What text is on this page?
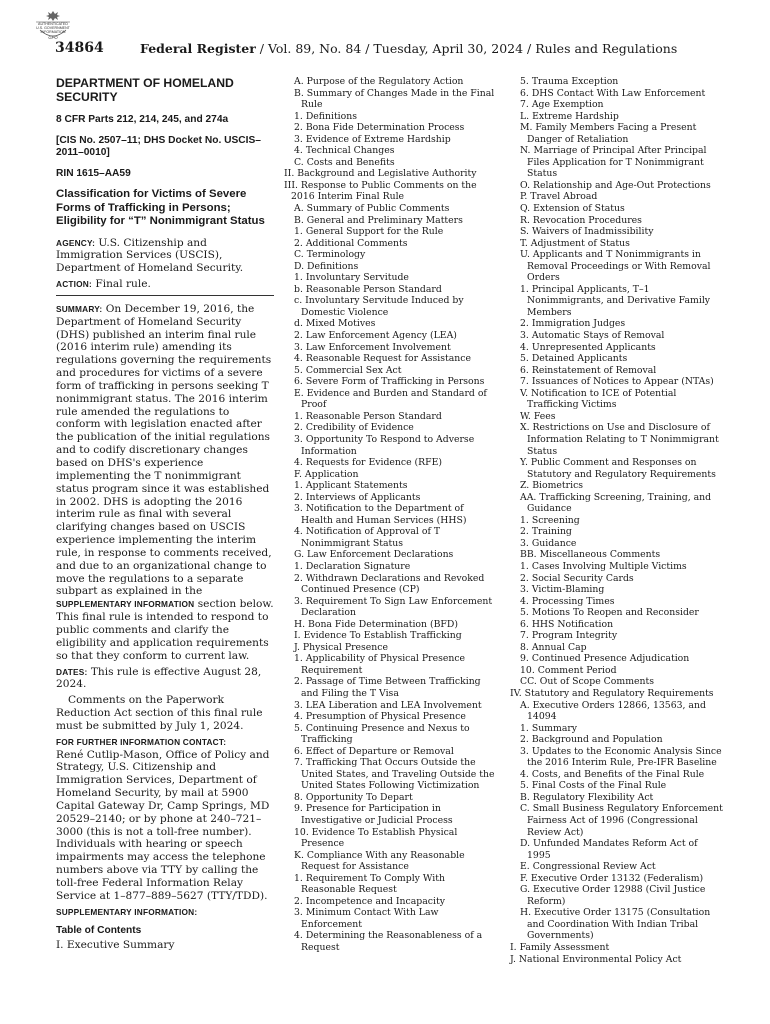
AUTHENTICATED
U.S. GOVERNMENT
INFORMATION
GPO
34864	Federal Register / Vol. 89, No. 84 / Tuesday, April 30, 2024 / Rules and Regulations
DEPARTMENT OF HOMELAND SECURITY
8 CFR Parts 212, 214, 245, and 274a
[CIS No. 2507–11; DHS Docket No. USCIS– 2011–0010]
RIN 1615–AA59
Classification for Victims of Severe Forms of Trafficking in Persons; Eligibility for “T” Nonimmigrant Status

AGENCY: U.S. Citizenship and Immigration Services (USCIS), Department of Homeland Security.

ACTION: Final rule.

SUMMARY: On December 19, 2016, the Department of Homeland Security (DHS) published an interim final rule (2016 interim rule) amending its regulations governing the requirements and procedures for victims of a severe form of trafficking in persons seeking T nonimmigrant status. The 2016 interim rule amended the regulations to conform with legislation enacted after the publication of the initial regulations and to codify discretionary changes based on DHS's experience implementing the T nonimmigrant status program since it was established in 2002. DHS is adopting the 2016 interim rule as final with several clarifying changes based on USCIS experience implementing the interim rule, in response to comments received, and due to an organizational change to move the regulations to a separate subpart as explained in the SUPPLEMENTARY INFORMATION section below. This final rule is intended to respond to public comments and clarify the eligibility and application requirements so that they conform to current law.

DATES: This rule is effective August 28, 2024.

Comments on the Paperwork Reduction Act section of this final rule must be submitted by July 1, 2024.

FOR FURTHER INFORMATION CONTACT:
René Cutlip-Mason, Office of Policy and Strategy, U.S. Citizenship and Immigration Services, Department of Homeland Security, by mail at 5900 Capital Gateway Dr, Camp Springs, MD 20529–2140; or by phone at 240–721–3000 (this is not a toll-free number). Individuals with hearing or speech impairments may access the telephone numbers above via TTY by calling the toll-free Federal Information Relay Service at 1–877–889–5627 (TTY/TDD).

SUPPLEMENTARY INFORMATION:

Table of Contents

I. Executive Summary

A. Purpose of the Regulatory Action
B. Summary of Changes Made in the Final Rule
1. Definitions
2. Bona Fide Determination Process
3. Evidence of Extreme Hardship
4. Technical Changes
C. Costs and Benefits
II. Background and Legislative Authority
III. Response to Public Comments on the 2016 Interim Final Rule
A. Summary of Public Comments
B. General and Preliminary Matters
1. General Support for the Rule
2. Additional Comments
C. Terminology
D. Definitions
1. Involuntary Servitude
b. Reasonable Person Standard
c. Involuntary Servitude Induced by Domestic Violence
d. Mixed Motives
2. Law Enforcement Agency (LEA)
3. Law Enforcement Involvement
4. Reasonable Request for Assistance
5. Commercial Sex Act
6. Severe Form of Trafficking in Persons
E. Evidence and Burden and Standard of Proof
1. Reasonable Person Standard
2. Credibility of Evidence
3. Opportunity To Respond to Adverse Information
4. Requests for Evidence (RFE)
F. Application
1. Applicant Statements
2. Interviews of Applicants
3. Notification to the Department of Health and Human Services (HHS)
4. Notification of Approval of T Nonimmigrant Status
G. Law Enforcement Declarations
1. Declaration Signature
2. Withdrawn Declarations and Revoked Continued Presence (CP)
3. Requirement To Sign Law Enforcement Declaration
H. Bona Fide Determination (BFD)
I. Evidence To Establish Trafficking
J. Physical Presence
1. Applicability of Physical Presence Requirement
2. Passage of Time Between Trafficking and Filing the T Visa
3. LEA Liberation and LEA Involvement
4. Presumption of Physical Presence
5. Continuing Presence and Nexus to Trafficking
6. Effect of Departure or Removal
7. Trafficking That Occurs Outside the United States, and Traveling Outside the United States Following Victimization
8. Opportunity To Depart
9. Presence for Participation in Investigative or Judicial Process
10. Evidence To Establish Physical Presence
K. Compliance With any Reasonable Request for Assistance
1. Requirement To Comply With Reasonable Request
2. Incompetence and Incapacity
3. Minimum Contact With Law Enforcement
4. Determining the Reasonableness of a Request
5. Trauma Exception
6. DHS Contact With Law Enforcement
7. Age Exemption
L. Extreme Hardship
M. Family Members Facing a Present Danger of Retaliation
N. Marriage of Principal After Principal Files Application for T Nonimmigrant Status
O. Relationship and Age-Out Protections
P. Travel Abroad
Q. Extension of Status
R. Revocation Procedures
S. Waivers of Inadmissibility
T. Adjustment of Status
U. Applicants and T Nonimmigrants in Removal Proceedings or With Removal Orders
1. Principal Applicants, T–1 Nonimmigrants, and Derivative Family Members
2. Immigration Judges
3. Automatic Stays of Removal
4. Unrepresented Applicants
5. Detained Applicants
6. Reinstatement of Removal
7. Issuances of Notices to Appear (NTAs)
V. Notification to ICE of Potential Trafficking Victims
W. Fees
X. Restrictions on Use and Disclosure of Information Relating to T Nonimmigrant Status
Y. Public Comment and Responses on Statutory and Regulatory Requirements
Z. Biometrics
AA. Trafficking Screening, Training, and Guidance
1. Screening
2. Training
3. Guidance
BB. Miscellaneous Comments
1. Cases Involving Multiple Victims
2. Social Security Cards
3. Victim-Blaming
4. Processing Times
5. Motions To Reopen and Reconsider
6. HHS Notification
7. Program Integrity
8. Annual Cap
9. Continued Presence Adjudication
10. Comment Period
CC. Out of Scope Comments
IV. Statutory and Regulatory Requirements
A. Executive Orders 12866, 13563, and 14094
1. Summary
2. Background and Population
3. Updates to the Economic Analysis Since the 2016 Interim Rule, Pre-IFR Baseline
4. Costs, and Benefits of the Final Rule
5. Final Costs of the Final Rule
B. Regulatory Flexibility Act
C. Small Business Regulatory Enforcement Fairness Act of 1996 (Congressional Review Act)
D. Unfunded Mandates Reform Act of 1995
E. Congressional Review Act
F. Executive Order 13132 (Federalism)
G. Executive Order 12988 (Civil Justice Reform)
H. Executive Order 13175 (Consultation and Coordination With Indian Tribal Governments)
I. Family Assessment
J. National Environmental Policy Act
